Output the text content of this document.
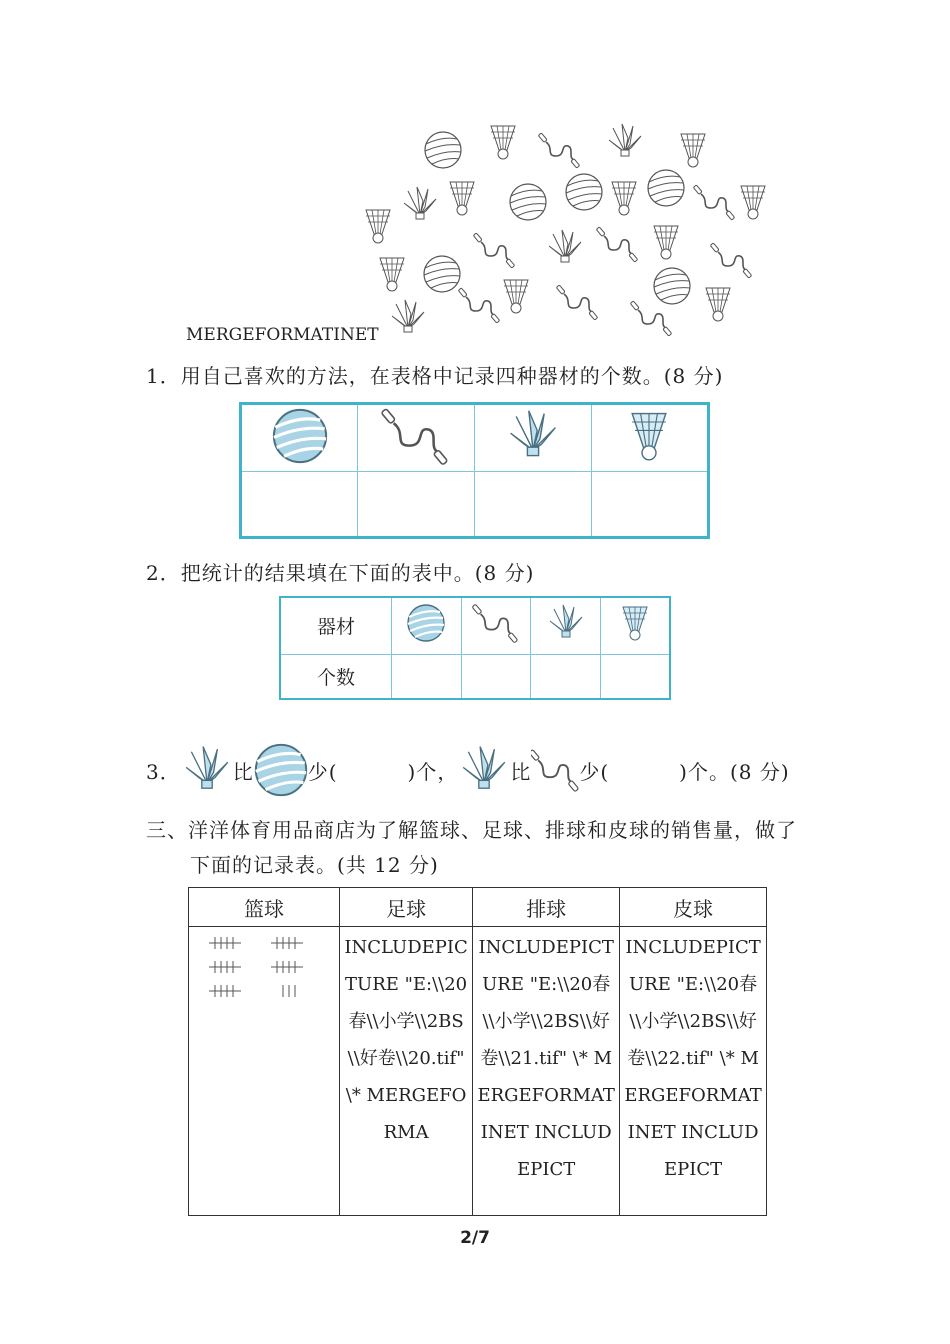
MERGEFORMATINET
1．用自己喜欢的方法，在表格中记录四种器材的个数。(8 分)

2．把统计的结果填在下面的表中。(8 分)
器材				
个数				
3．	比	少(	)个，	比 少(	)个。(8 分)
三、洋洋体育用品商店为了解篮球、足球、排球和皮球的销售量，做了
下面的记录表。(共 12 分)
篮球	足球	排球	皮球
	INCLUDEPICTURE "E:\\20春\\小学\\2BS\\好卷\\20.tif" \* MERGEFORMA	INCLUDEPICTURE "E:\\20春\\小学\\2BS\\好卷\\21.tif" \* MERGEFORMATINET INCLUDEPICT	INCLUDEPICTURE "E:\\20春\\小学\\2BS\\好卷\\22.tif" \* MERGEFORMATINET INCLUDEPICT
2/7
